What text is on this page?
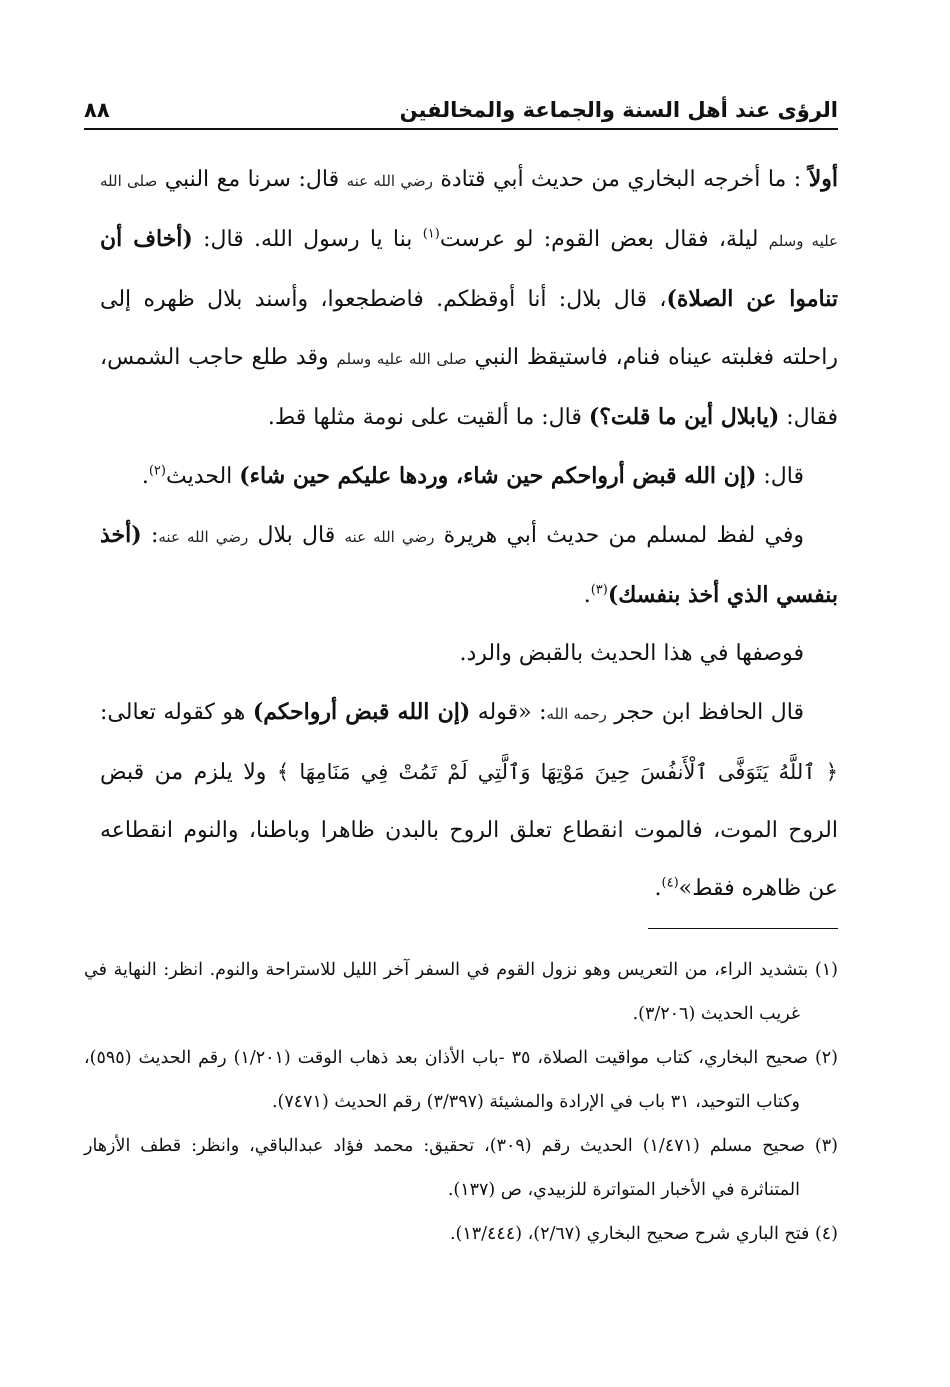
الرؤى عند أهل السنة والجماعة والمخالفين
٨٨

أولاً : ما أخرجه البخاري من حديث أبي قتادة رضي الله عنه قال: سرنا مع النبي صلى الله عليه وسلم ليلة، فقال بعض القوم: لو عرست$^{(١)}$ بنا يا رسول الله. قال: (أخاف أن تناموا عن الصلاة)، قال بلال: أنا أوقظكم. فاضطجعوا، وأسند بلال ظهره إلى راحلته فغلبته عيناه فنام، فاستيقظ النبي صلى الله عليه وسلم وقد طلع حاجب الشمس، فقال: (يابلال أين ما قلت؟) قال: ما ألقيت على نومة مثلها قط.

قال: (إن الله قبض أرواحكم حين شاء، وردها عليكم حين شاء) الحديث$^{(٢)}$.

وفي لفظ لمسلم من حديث أبي هريرة رضي الله عنه قال بلال رضي الله عنه: (أخذ بنفسي الذي أخذ بنفسك)$^{(٣)}$.

فوصفها في هذا الحديث بالقبض والرد.

قال الحافظ ابن حجر رحمه الله: «قوله (إن الله قبض أرواحكم) هو كقوله تعالى: ﴿ ٱللَّهُ يَتَوَفَّى ٱلْأَنفُسَ حِينَ مَوْتِهَا وَٱلَّتِي لَمْ تَمُتْ فِي مَنَامِهَا ﴾ ولا يلزم من قبض الروح الموت، فالموت انقطاع تعلق الروح بالبدن ظاهرا وباطنا، والنوم انقطاعه عن ظاهره فقط»$^{(٤)}$.

(١) بتشديد الراء، من التعريس وهو نزول القوم في السفر آخر الليل للاستراحة والنوم. انظر: النهاية في غريب الحديث (٣/٢٠٦).

(٢) صحيح البخاري، كتاب مواقيت الصلاة، ٣٥ -باب الأذان بعد ذهاب الوقت (١/٢٠١) رقم الحديث (٥٩٥)، وكتاب التوحيد، ٣١ باب في الإرادة والمشيئة (٣/٣٩٧) رقم الحديث (٧٤٧١).

(٣) صحيح مسلم (١/٤٧١) الحديث رقم (٣٠٩)، تحقيق: محمد فؤاد عبدالباقي، وانظر: قطف الأزهار المتناثرة في الأخبار المتواترة للزبيدي، ص (١٣٧).

(٤) فتح الباري شرح صحيح البخاري (٢/٦٧)، (١٣/٤٤٤).
